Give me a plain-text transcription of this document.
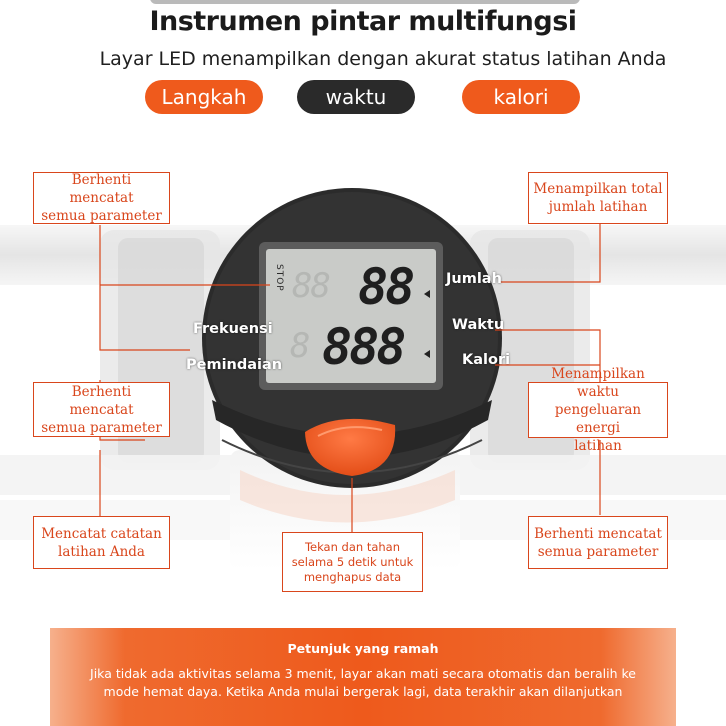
Instrumen pintar multifungsi
Layar LED menampilkan dengan akurat status latihan Anda
Langkah	waktu	kalori
STOP 88 88
8 888
Jumlah
Waktu
Kalori
Frekuensi
Pemindaian
Berhenti mencatat
semua parameter
Menampilkan total
jumlah latihan
Berhenti mencatat
semua parameter
Menampilkan waktu
pengeluaran energi
latihan
Mencatat catatan
latihan Anda
Berhenti mencatat
semua parameter
Tekan dan tahan
selama 5 detik untuk
menghapus data
Petunjuk yang ramah
Jika tidak ada aktivitas selama 3 menit, layar akan mati secara otomatis dan beralih ke mode hemat daya. Ketika Anda mulai bergerak lagi, data terakhir akan dilanjutkan
